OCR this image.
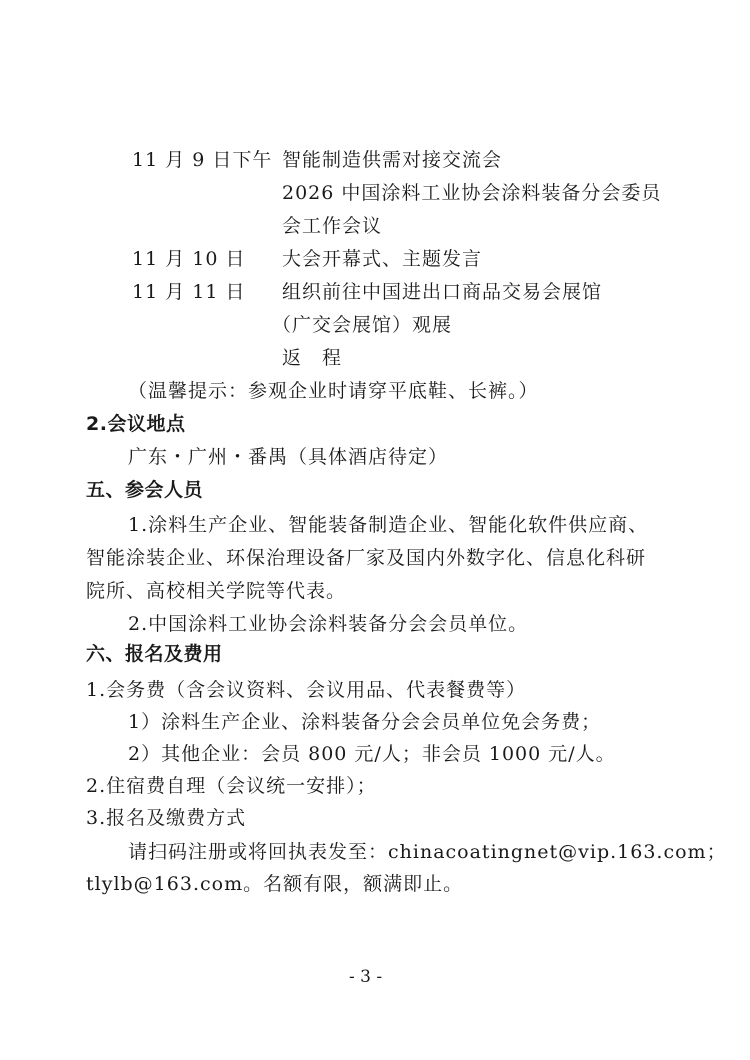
11 月 9 日下午 智能制造供需对接交流会
2026 中国涂料工业协会涂料装备分会委员
会工作会议
11 月 10 日 大会开幕式、主题发言
11 月 11 日 组织前往中国进出口商品交易会展馆
（广交会展馆）观展
返　程
（温馨提示：参观企业时请穿平底鞋、长裤。）
2.会议地点
广东・广州・番禺（具体酒店待定）
五、参会人员
1.涂料生产企业、智能装备制造企业、智能化软件供应商、
智能涂装企业、环保治理设备厂家及国内外数字化、信息化科研
院所、高校相关学院等代表。
2.中国涂料工业协会涂料装备分会会员单位。
六、报名及费用
1.会务费（含会议资料、会议用品、代表餐费等）
1）涂料生产企业、涂料装备分会会员单位免会务费；
2）其他企业：会员 800 元/人；非会员 1000 元/人。
2.住宿费自理（会议统一安排）；
3.报名及缴费方式
请扫码注册或将回执表发至：chinacoatingnet@vip.163.com；
tlylb@163.com。名额有限，额满即止。
- 3 -
